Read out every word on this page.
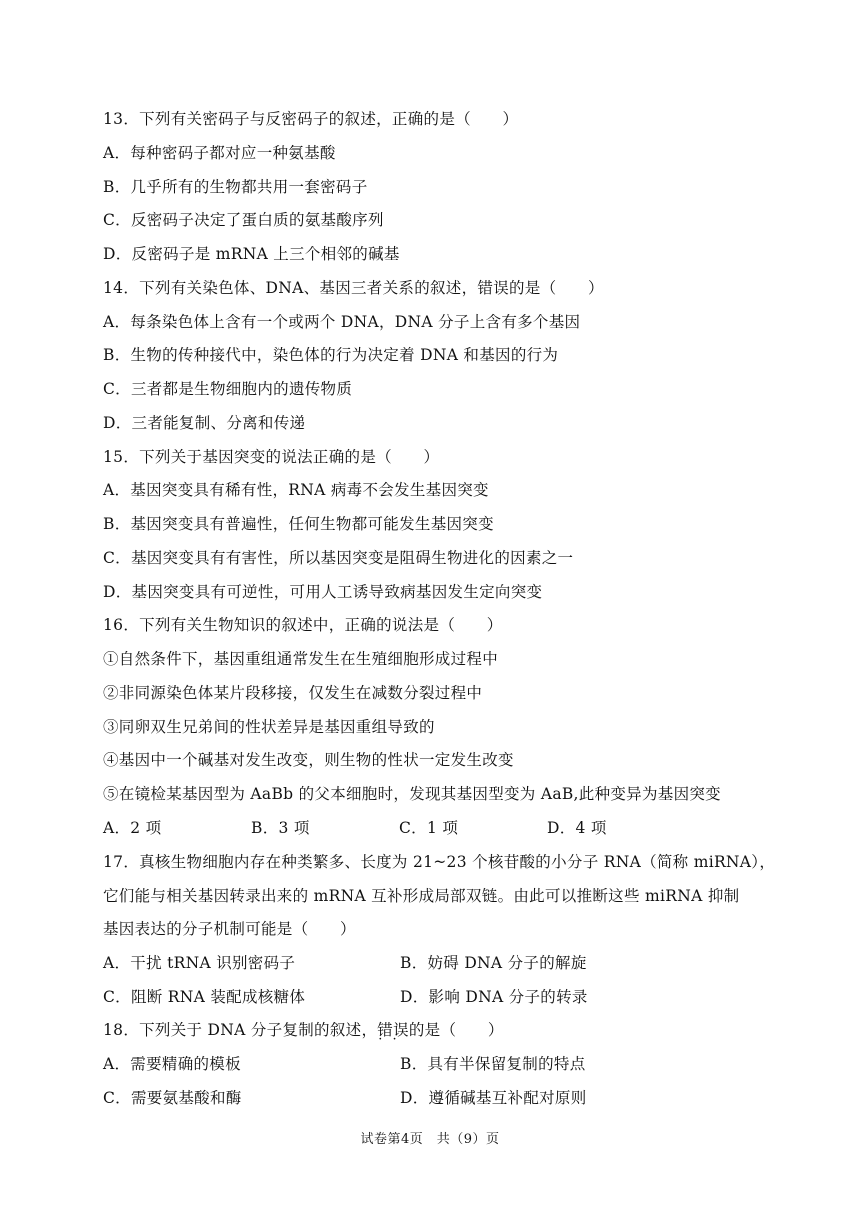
13．下列有关密码子与反密码子的叙述，正确的是（　　）
A．每种密码子都对应一种氨基酸
B．几乎所有的生物都共用一套密码子
C．反密码子决定了蛋白质的氨基酸序列
D．反密码子是 mRNA 上三个相邻的碱基
14．下列有关染色体、DNA、基因三者关系的叙述，错误的是（　　）
A．每条染色体上含有一个或两个 DNA，DNA 分子上含有多个基因
B．生物的传种接代中，染色体的行为决定着 DNA 和基因的行为
C．三者都是生物细胞内的遗传物质
D．三者能复制、分离和传递
15．下列关于基因突变的说法正确的是（　　）
A．基因突变具有稀有性，RNA 病毒不会发生基因突变
B．基因突变具有普遍性，任何生物都可能发生基因突变
C．基因突变具有有害性，所以基因突变是阻碍生物进化的因素之一
D．基因突变具有可逆性，可用人工诱导致病基因发生定向突变
16．下列有关生物知识的叙述中，正确的说法是（　　）
①自然条件下，基因重组通常发生在生殖细胞形成过程中
②非同源染色体某片段移接，仅发生在减数分裂过程中
③同卵双生兄弟间的性状差异是基因重组导致的
④基因中一个碱基对发生改变，则生物的性状一定发生改变
⑤在镜检某基因型为 AaBb 的父本细胞时，发现其基因型变为 AaB,此种变异为基因突变
A．2 项	B．3 项	C．1 项	D．4 项
17．真核生物细胞内存在种类繁多、长度为 21~23 个核苷酸的小分子 RNA（简称 miRNA），
它们能与相关基因转录出来的 mRNA 互补形成局部双链。由此可以推断这些 miRNA 抑制
基因表达的分子机制可能是（　　）
A．干扰 tRNA 识别密码子	B．妨碍 DNA 分子的解旋
C．阻断 RNA 装配成核糖体	D．影响 DNA 分子的转录
18．下列关于 DNA 分子复制的叙述，错误 · ·的是（　　）
A．需要精确的模板	B．具有半保留复制的特点
C．需要氨基酸和酶	D．遵循碱基互补配对原则
试卷第4页　共（9）页
